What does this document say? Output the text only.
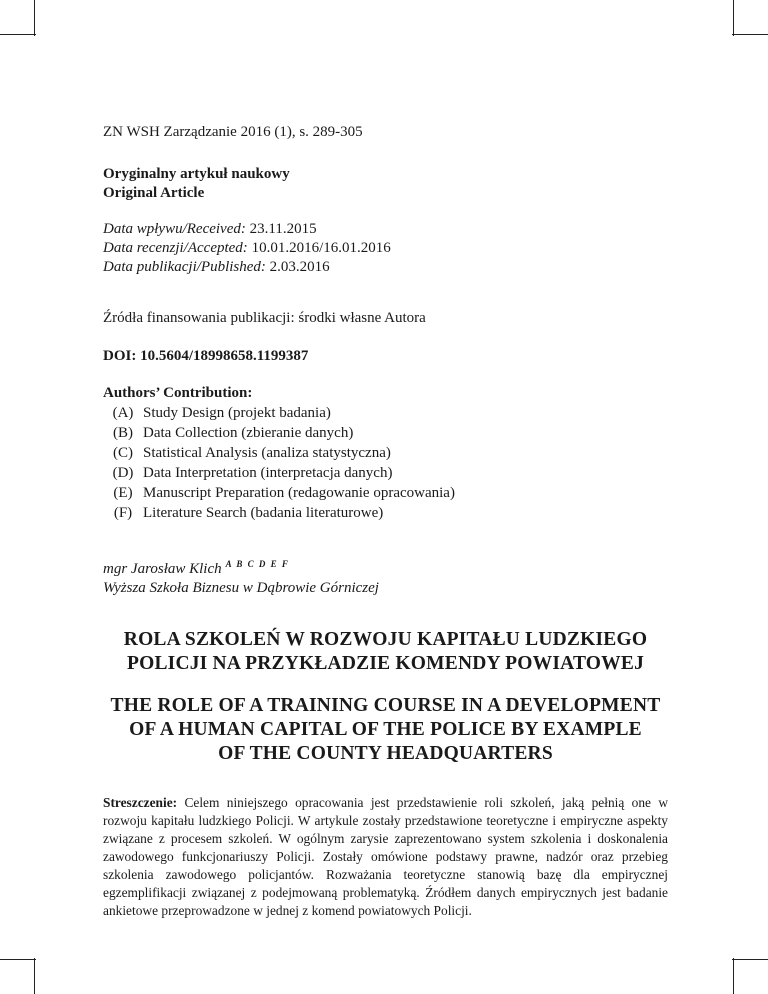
ZN WSH Zarządzanie 2016 (1), s. 289-305
Oryginalny artykuł naukowy
Original Article
Data wpływu/Received: 23.11.2015
Data recenzji/Accepted: 10.01.2016/16.01.2016
Data publikacji/Published: 2.03.2016
Źródła finansowania publikacji: środki własne Autora
DOI: 10.5604/18998658.1199387
Authors’ Contribution:
(A) Study Design (projekt badania)
(B) Data Collection (zbieranie danych)
(C) Statistical Analysis (analiza statystyczna)
(D) Data Interpretation (interpretacja danych)
(E) Manuscript Preparation (redagowanie opracowania)
(F) Literature Search (badania literaturowe)
mgr Jarosław Klich $^{A B C D E F}$
Wyższa Szkoła Biznesu w Dąbrowie Górniczej
ROLA SZKOLEŃ W ROZWOJU KAPITAŁU LUDZKIEGO
POLICJI NA PRZYKŁADZIE KOMENDY POWIATOWEJ
THE ROLE OF A TRAINING COURSE IN A DEVELOPMENT
OF A HUMAN CAPITAL OF THE POLICE BY EXAMPLE
OF THE COUNTY HEADQUARTERS
Streszczenie: Celem niniejszego opracowania jest przedstawienie roli szkoleń, jaką pełnią one w rozwoju kapitału ludzkiego Policji. W artykule zostały przedstawione teoretyczne i empiryczne aspekty związane z procesem szkoleń. W ogólnym zarysie zaprezentowano system szkolenia i doskonalenia zawodowego funkcjonariuszy Policji. Zostały omówione podstawy prawne, nadzór oraz przebieg szkolenia zawodowego policjantów. Rozważania teoretyczne stanowią bazę dla empirycznej egzemplifikacji związanej z podejmowaną problematyką. Źródłem danych empirycznych jest badanie ankietowe przeprowadzone w jednej z komend powiatowych Policji.
